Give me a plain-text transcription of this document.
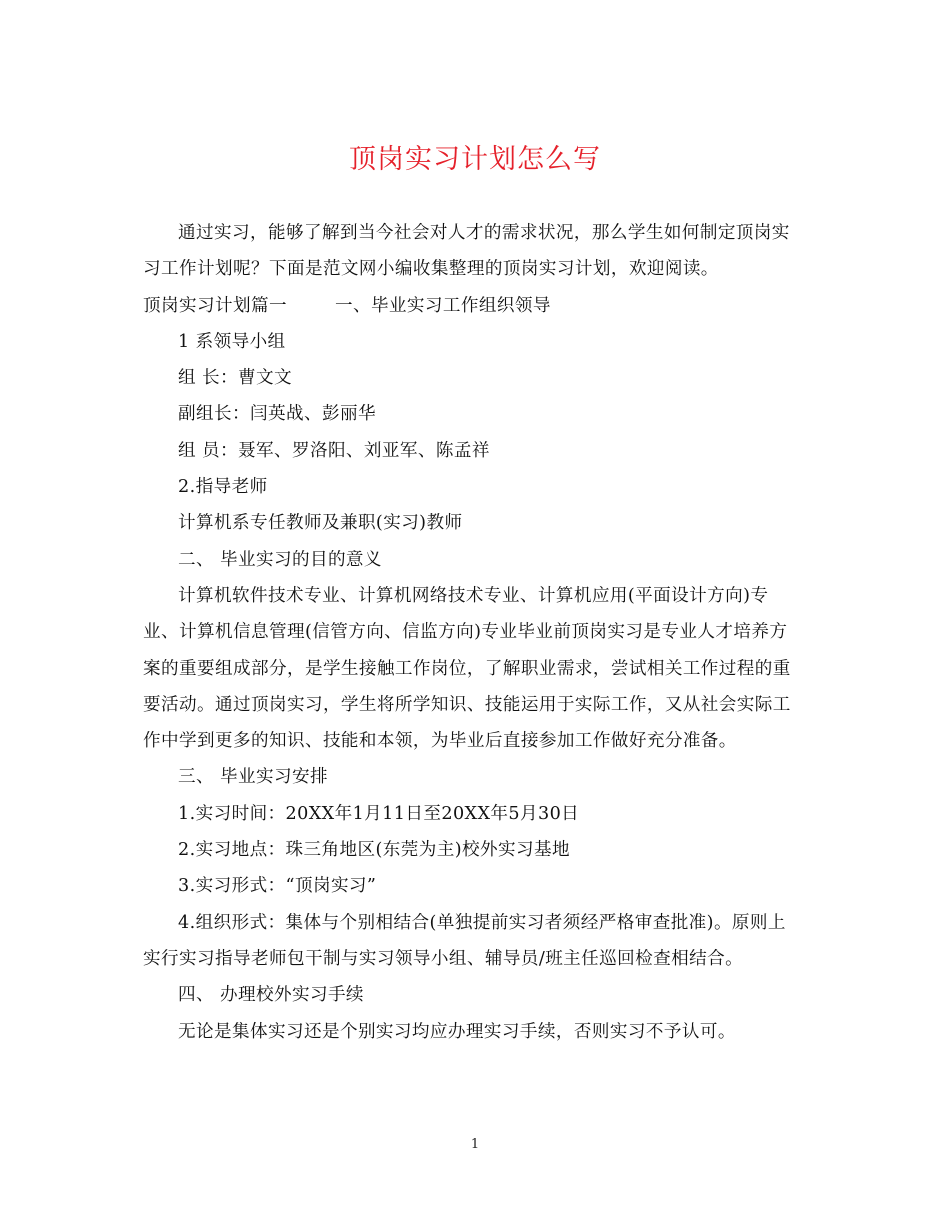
顶岗实习计划怎么写

通过实习，能够了解到当今社会对人才的需求状况，那么学生如何制定顶岗实习工作计划呢？下面是范文网小编收集整理的顶岗实习计划，欢迎阅读。

顶岗实习计划篇一	一、毕业实习工作组织领导

1 系领导小组

组 长：曹文文

副组长：闫英战、彭丽华

组 员：聂军、罗洛阳、刘亚军、陈孟祥

2.指导老师

计算机系专任教师及兼职(实习)教师

二、 毕业实习的目的意义

计算机软件技术专业、计算机网络技术专业、计算机应用(平面设计方向)专业、计算机信息管理(信管方向、信监方向)专业毕业前顶岗实习是专业人才培养方案的重要组成部分，是学生接触工作岗位，了解职业需求，尝试相关工作过程的重要活动。通过顶岗实习，学生将所学知识、技能运用于实际工作，又从社会实际工作中学到更多的知识、技能和本领，为毕业后直接参加工作做好充分准备。

三、 毕业实习安排

1.实习时间：20XX年1月11日至20XX年5月30日

2.实习地点：珠三角地区(东莞为主)校外实习基地

3.实习形式：“顶岗实习”

4.组织形式：集体与个别相结合(单独提前实习者须经严格审查批准)。原则上实行实习指导老师包干制与实习领导小组、辅导员/班主任巡回检查相结合。

四、 办理校外实习手续

无论是集体实习还是个别实习均应办理实习手续，否则实习不予认可。

1
